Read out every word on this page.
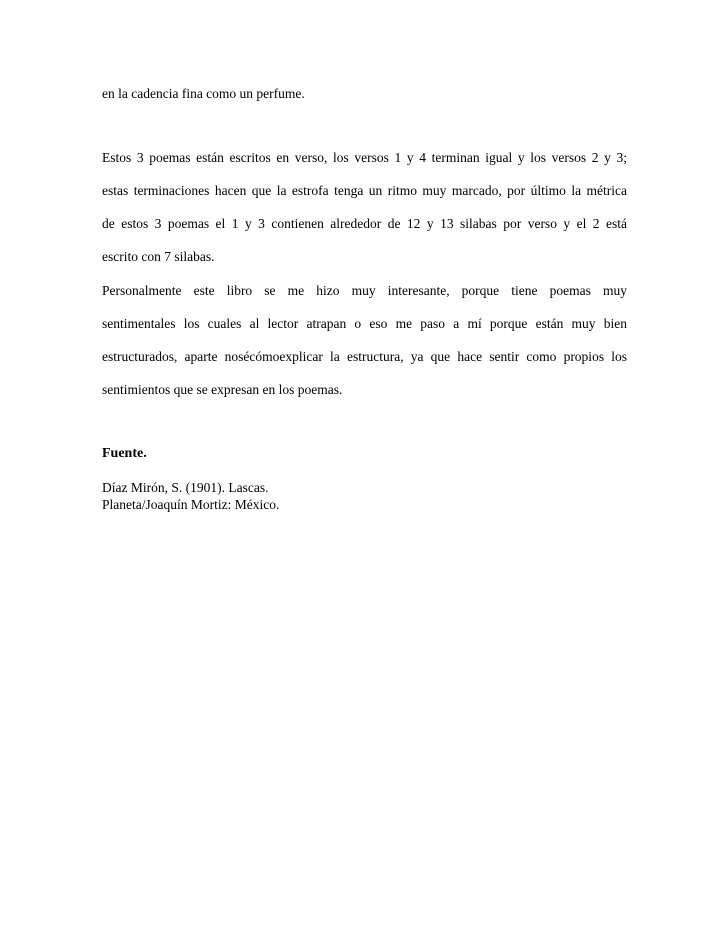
en la cadencia fina como un perfume.
Estos 3 poemas están escritos en verso, los versos 1 y 4 terminan igual y los versos 2 y 3;
estas terminaciones hacen que la estrofa tenga un ritmo muy marcado, por último la métrica
de estos 3 poemas el 1 y 3 contienen alrededor de 12 y 13 silabas por verso y el 2 está
escrito con 7 silabas.
Personalmente este libro se me hizo muy interesante, porque tiene poemas muy
sentimentales los cuales al lector atrapan o eso me paso a mí porque están muy bien
estructurados, aparte nosécómoexplicar la estructura, ya que hace sentir como propios los
sentimientos que se expresan en los poemas.
Fuente.
Díaz Mirón, S. (1901). Lascas.
Planeta/Joaquín Mortiz: México.
